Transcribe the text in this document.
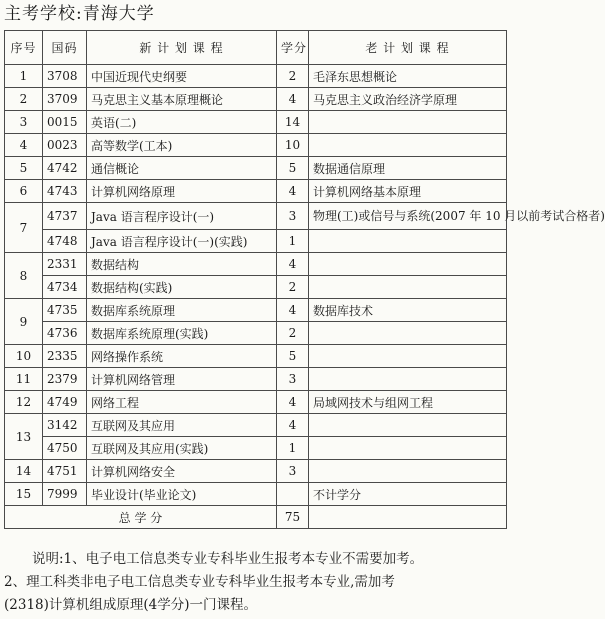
主考学校:青海大学
序号	国码	新 计 划 课 程	学分	老 计 划 课 程
1	3708	中国近现代史纲要	2	毛泽东思想概论
2	3709	马克思主义基本原理概论	4	马克思主义政治经济学原理
3	0015	英语(二)	14	
4	0023	高等数学(工本)	10	
5	4742	通信概论	5	数据通信原理
6	4743	计算机网络原理	4	计算机网络基本原理
7	4737	Java 语言程序设计(一)	3	物理(工)或信号与系统(2007 年 10 月以前考试合格者)
	4748	Java 语言程序设计(一)(实践)	1	
8	2331	数据结构	4	
	4734	数据结构(实践)	2	
9	4735	数据库系统原理	4	数据库技术
	4736	数据库系统原理(实践)	2	
10	2335	网络操作系统	5	
11	2379	计算机网络管理	3	
12	4749	网络工程	4	局域网技术与组网工程
13	3142	互联网及其应用	4	
	4750	互联网及其应用(实践)	1	
14	4751	计算机网络安全	3	
15	7999	毕业设计(毕业论文)		不计学分
总 学 分			75	

说明:1、电子电工信息类专业专科毕业生报考本专业不需要加考。

2、理工科类非电子电工信息类专业专科毕业生报考本专业,需加考

(2318)计算机组成原理(4学分)一门课程。
